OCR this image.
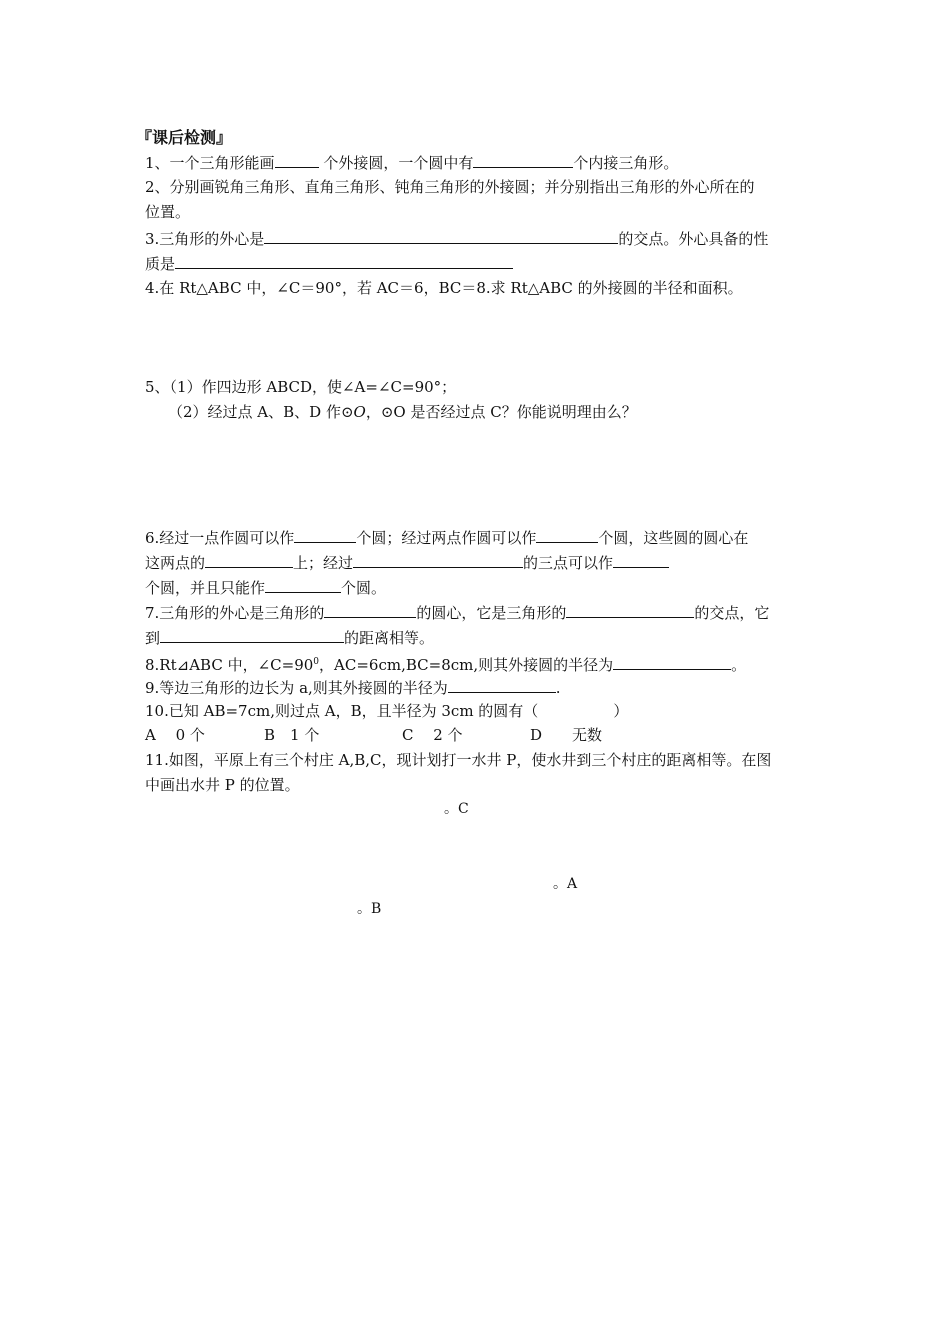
『课后检测』
1、一个三角形能画	个外接圆，一个圆中有	个内接三角形。
2、分别画锐角三角形、直角三角形、钝角三角形的外接圆；并分别指出三角形的外心所在的
位置。
3.三角形的外心是	的交点。外心具备的性
质是
4.在 Rt△ABC 中，∠C＝90°，若 AC＝6，BC＝8.求 Rt△ABC 的外接圆的半径和面积。
5、（1）作四边形 ABCD，使∠A=∠C=90°；
（2）经过点 A、B、D 作⊙O，⊙O 是否经过点 C？你能说明理由么？
6.经过一点作圆可以作	个圆；经过两点作圆可以作	个圆，这些圆的圆心在
这两点的	上；经过	的三点可以作
个圆，并且只能作	个圆。
7.三角形的外心是三角形的	的圆心，它是三角形的	的交点，它
到	的距离相等。
8.Rt⊿ABC 中，$\angle C=90^0$，AC=6cm,BC=8cm,则其外接圆的半径为	。
9.等边三角形的边长为 a,则其外接圆的半径为	.
10.已知 AB=7cm,则过点 A，B，且半径为 3cm 的圆有（　　　　　）
A　 0 个	B　1 个	C　 2 个	D　　无数
11.如图，平原上有三个村庄 A,B,C，现计划打一水井 P，使水井到三个村庄的距离相等。在图
中画出水井 P 的位置。
。C
。A
。B
